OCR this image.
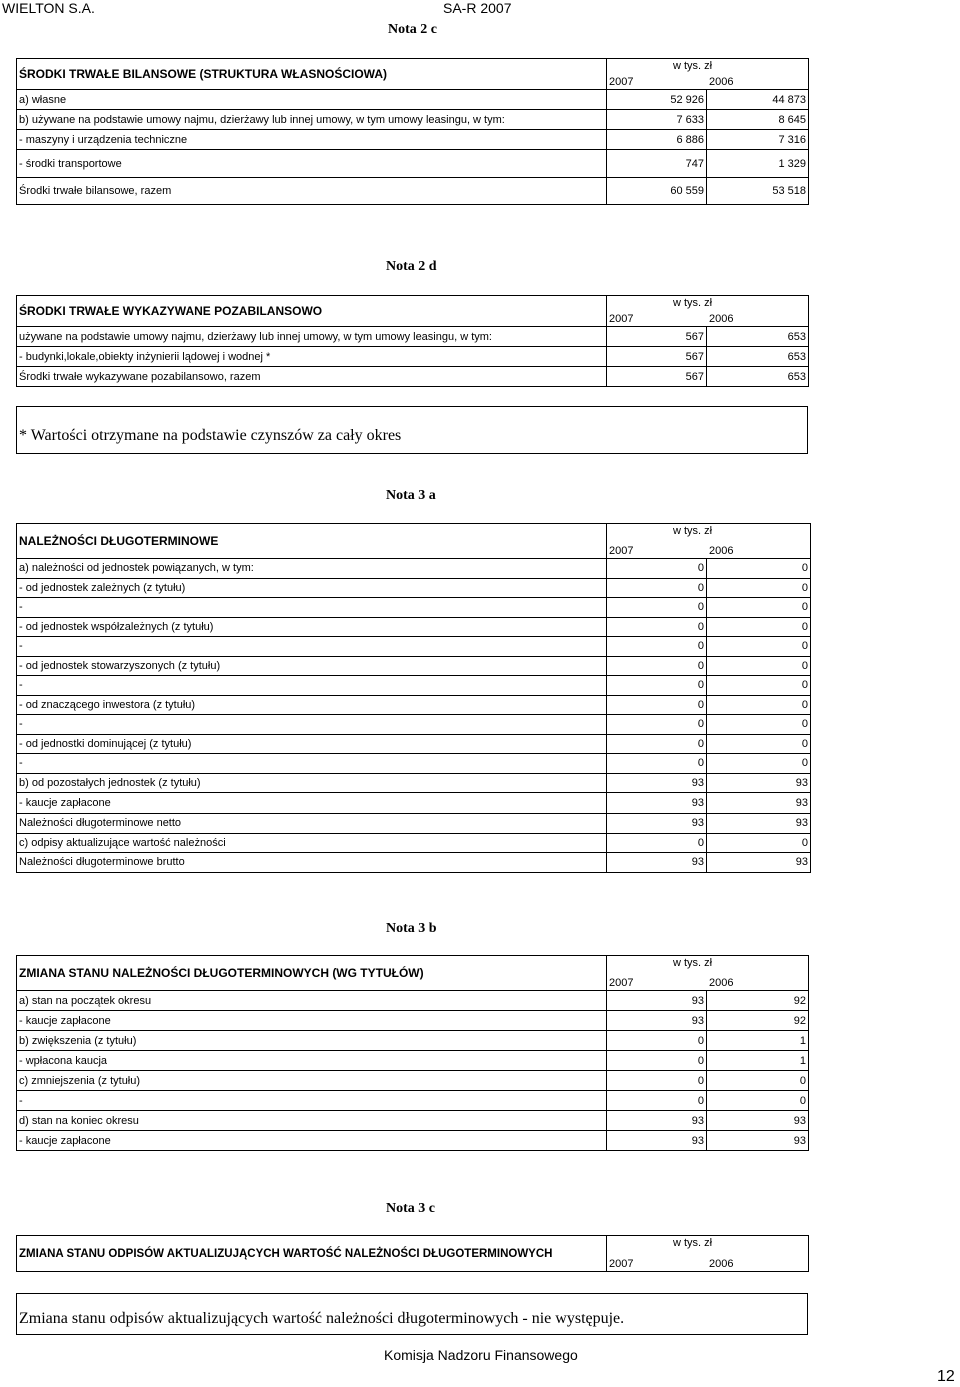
WIELTON S.A.	SA-R 2007
Nota 2 c
ŚRODKI TRWAŁE BILANSOWE (STRUKTURA WŁASNOŚCIOWA)	w tys. zł
2007 2006	

a) własne	52 926	44 873
b) używane na podstawie umowy najmu, dzierżawy lub innej umowy, w tym umowy leasingu, w tym:	7 633	8 645
- maszyny i urządzenia techniczne	6 886	7 316
- środki transportowe	747	1 329
Środki trwałe bilansowe, razem	60 559	53 518
Nota 2 d
ŚRODKI TRWAŁE WYKAZYWANE POZABILANSOWO	w tys. zł
2007 2006	

używane na podstawie umowy najmu, dzierżawy lub innej umowy, w tym umowy leasingu, w tym:	567	653
- budynki,lokale,obiekty inżynierii lądowej i wodnej *	567	653
Środki trwałe wykazywane pozabilansowo, razem	567	653
* Wartości otrzymane na podstawie czynszów za cały okres
Nota 3 a
NALEŻNOŚCI DŁUGOTERMINOWE	w tys. zł
2007 2006	

a) należności od jednostek powiązanych, w tym:	0	0
- od jednostek zależnych (z tytułu)	0	0
-	0	0
- od jednostek współzależnych (z tytułu)	0	0
-	0	0
- od jednostek stowarzyszonych (z tytułu)	0	0
-	0	0
- od znaczącego inwestora (z tytułu)	0	0
-	0	0
- od jednostki dominującej (z tytułu)	0	0
-	0	0
b) od pozostałych jednostek (z tytułu)	93	93
- kaucje zapłacone	93	93
Należności długoterminowe netto	93	93
c) odpisy aktualizujące wartość należności	0	0
Należności długoterminowe brutto	93	93
Nota 3 b
ZMIANA STANU NALEŻNOŚCI DŁUGOTERMINOWYCH (WG TYTUŁÓW)	w tys. zł
2007 2006	

a) stan na początek okresu	93	92
- kaucje zapłacone	93	92
b) zwiększenia (z tytułu)	0	1
- wpłacona kaucja	0	1
c) zmniejszenia (z tytułu)	0	0
-	0	0
d) stan na koniec okresu	93	93
- kaucje zapłacone	93	93
Nota 3 c
ZMIANA STANU ODPISÓW AKTUALIZUJĄCYCH WARTOŚĆ NALEŻNOŚCI DŁUGOTERMINOWYCH	
w tys. zł
2007	2006
Zmiana stanu odpisów aktualizujących wartość należności długoterminowych - nie występuje.
Komisja Nadzoru Finansowego
12
